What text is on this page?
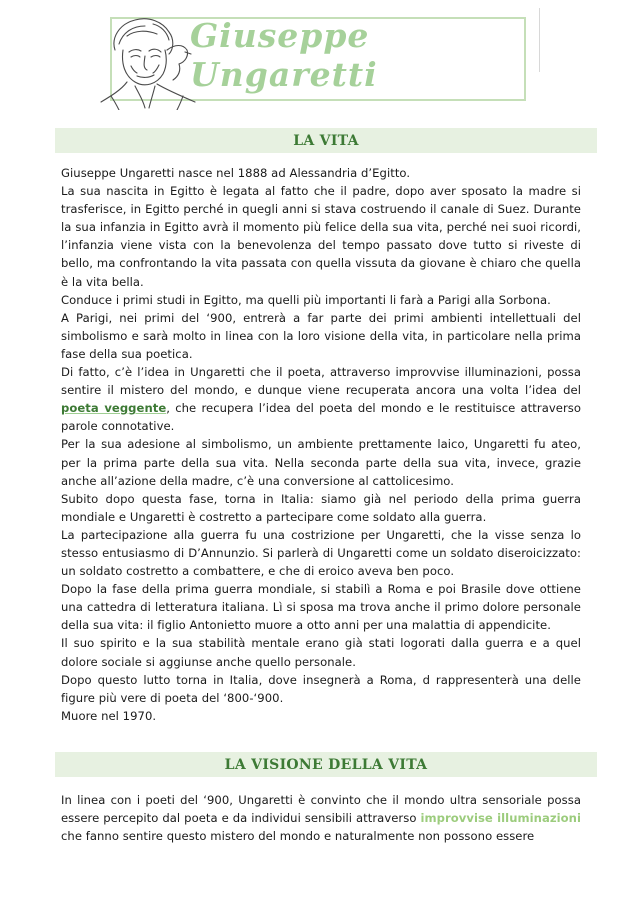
Giuseppe Ungaretti
LA VITA

Giuseppe Ungaretti nasce nel 1888 ad Alessandria d’Egitto.

La sua nascita in Egitto è legata al fatto che il padre, dopo aver sposato la madre si trasferisce, in Egitto perché in quegli anni si stava costruendo il canale di Suez. Durante la sua infanzia in Egitto avrà il momento più felice della sua vita, perché nei suoi ricordi, l’infanzia viene vista con la benevolenza del tempo passato dove tutto si riveste di bello, ma confrontando la vita passata con quella vissuta da giovane è chiaro che quella è la vita bella.

Conduce i primi studi in Egitto, ma quelli più importanti li farà a Parigi alla Sorbona.

A Parigi, nei primi del ‘900, entrerà a far parte dei primi ambienti intellettuali del simbolismo e sarà molto in linea con la loro visione della vita, in particolare nella prima fase della sua poetica.

Di fatto, c’è l’idea in Ungaretti che il poeta, attraverso improvvise illuminazioni, possa sentire il mistero del mondo, e dunque viene recuperata ancora una volta l’idea del poeta veggente, che recupera l’idea del poeta del mondo e le restituisce attraverso parole connotative.

Per la sua adesione al simbolismo, un ambiente prettamente laico, Ungaretti fu ateo, per la prima parte della sua vita. Nella seconda parte della sua vita, invece, grazie anche all’azione della madre, c’è una conversione al cattolicesimo.

Subito dopo questa fase, torna in Italia: siamo già nel periodo della prima guerra mondiale e Ungaretti è costretto a partecipare come soldato alla guerra.

La partecipazione alla guerra fu una costrizione per Ungaretti, che la visse senza lo stesso entusiasmo di D’Annunzio. Si parlerà di Ungaretti come un soldato diseroicizzato: un soldato costretto a combattere, e che di eroico aveva ben poco.

Dopo la fase della prima guerra mondiale, si stabilì a Roma e poi Brasile dove ottiene una cattedra di letteratura italiana. Lì si sposa ma trova anche il primo dolore personale della sua vita: il figlio Antonietto muore a otto anni per una malattia di appendicite.

Il suo spirito e la sua stabilità mentale erano già stati logorati dalla guerra e a quel dolore sociale si aggiunse anche quello personale.

Dopo questo lutto torna in Italia, dove insegnerà a Roma, d rappresenterà una delle figure più vere di poeta del ‘800-‘900.

Muore nel 1970.

LA VISIONE DELLA VITA

In linea con i poeti del ‘900, Ungaretti è convinto che il mondo ultra sensoriale possa essere percepito dal poeta e da individui sensibili attraverso improvvise illuminazioni che fanno sentire questo mistero del mondo e naturalmente non possono essere
